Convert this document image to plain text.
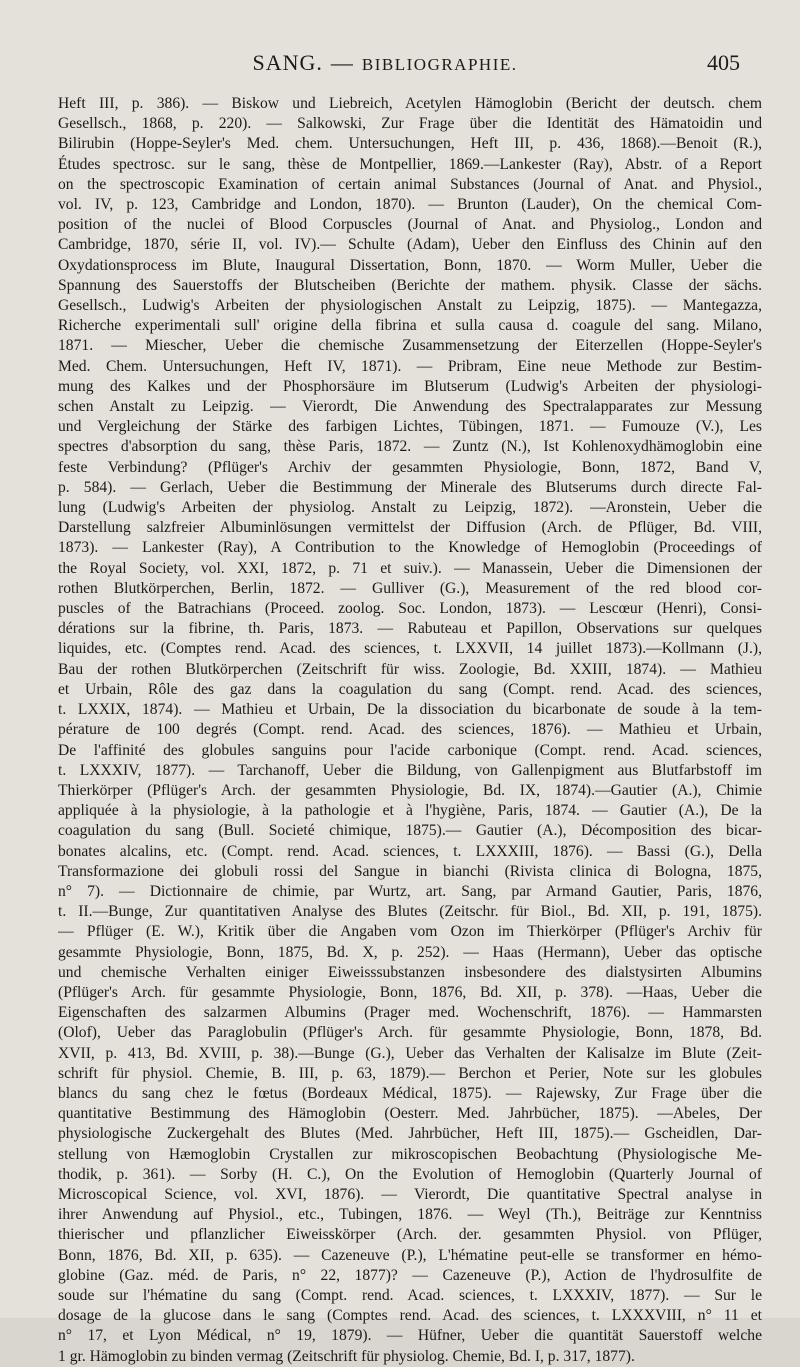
SANG. — BIBLIOGRAPHIE.	405
Heft III, p. 386). — Biskow und Liebreich, Acetylen Hämoglobin (Bericht der deutsch. chem
Gesellsch., 1868, p. 220). — Salkowski, Zur Frage über die Identität des Hämatoidin und
Bilirubin (Hoppe-Seyler's Med. chem. Untersuchungen, Heft III, p. 436, 1868).—Benoit (R.),
Études spectrosc. sur le sang, thèse de Montpellier, 1869.—Lankester (Ray), Abstr. of a Report
on the spectroscopic Examination of certain animal Substances (Journal of Anat. and Physiol.,
vol. IV, p. 123, Cambridge and London, 1870). — Brunton (Lauder), On the chemical Com-
position of the nuclei of Blood Corpuscles (Journal of Anat. and Physiolog., London and
Cambridge, 1870, série II, vol. IV).— Schulte (Adam), Ueber den Einfluss des Chinin auf den
Oxydationsprocess im Blute, Inaugural Dissertation, Bonn, 1870. — Worm Muller, Ueber die
Spannung des Sauerstoffs der Blutscheiben (Berichte der mathem. physik. Classe der sächs.
Gesellsch., Ludwig's Arbeiten der physiologischen Anstalt zu Leipzig, 1875). — Mantegazza,
Richerche experimentali sull' origine della fibrina et sulla causa d. coagule del sang. Milano,
1871. — Miescher, Ueber die chemische Zusammensetzung der Eiterzellen (Hoppe-Seyler's
Med. Chem. Untersuchungen, Heft IV, 1871). — Pribram, Eine neue Methode zur Bestim-
mung des Kalkes und der Phosphorsäure im Blutserum (Ludwig's Arbeiten der physiologi-
schen Anstalt zu Leipzig. — Vierordt, Die Anwendung des Spectralapparates zur Messung
und Vergleichung der Stärke des farbigen Lichtes, Tübingen, 1871. — Fumouze (V.), Les
spectres d'absorption du sang, thèse Paris, 1872. — Zuntz (N.), Ist Kohlenoxydhämoglobin eine
feste Verbindung? (Pflüger's Archiv der gesammten Physiologie, Bonn, 1872, Band V,
p. 584). — Gerlach, Ueber die Bestimmung der Minerale des Blutserums durch directe Fal-
lung (Ludwig's Arbeiten der physiolog. Anstalt zu Leipzig, 1872). —Aronstein, Ueber die
Darstellung salzfreier Albuminlösungen vermittelst der Diffusion (Arch. de Pflüger, Bd. VIII,
1873). — Lankester (Ray), A Contribution to the Knowledge of Hemoglobin (Proceedings of
the Royal Society, vol. XXI, 1872, p. 71 et suiv.). — Manassein, Ueber die Dimensionen der
rothen Blutkörperchen, Berlin, 1872. — Gulliver (G.), Measurement of the red blood cor-
puscles of the Batrachians (Proceed. zoolog. Soc. London, 1873). — Lescœur (Henri), Consi-
dérations sur la fibrine, th. Paris, 1873. — Rabuteau et Papillon, Observations sur quelques
liquides, etc. (Comptes rend. Acad. des sciences, t. LXXVII, 14 juillet 1873).—Kollmann (J.),
Bau der rothen Blutkörperchen (Zeitschrift für wiss. Zoologie, Bd. XXIII, 1874). — Mathieu
et Urbain, Rôle des gaz dans la coagulation du sang (Compt. rend. Acad. des sciences,
t. LXXIX, 1874). — Mathieu et Urbain, De la dissociation du bicarbonate de soude à la tem-
pérature de 100 degrés (Compt. rend. Acad. des sciences, 1876). — Mathieu et Urbain,
De l'affinité des globules sanguins pour l'acide carbonique (Compt. rend. Acad. sciences,
t. LXXXIV, 1877). — Tarchanoff, Ueber die Bildung, von Gallenpigment aus Blutfarbstoff im
Thierkörper (Pflüger's Arch. der gesammten Physiologie, Bd. IX, 1874).—Gautier (A.), Chimie
appliquée à la physiologie, à la pathologie et à l'hygiène, Paris, 1874. — Gautier (A.), De la
coagulation du sang (Bull. Societé chimique, 1875).— Gautier (A.), Décomposition des bicar-
bonates alcalins, etc. (Compt. rend. Acad. sciences, t. LXXXIII, 1876). — Bassi (G.), Della
Transformazione dei globuli rossi del Sangue in bianchi (Rivista clinica di Bologna, 1875,
n° 7). — Dictionnaire de chimie, par Wurtz, art. Sang, par Armand Gautier, Paris, 1876,
t. II.—Bunge, Zur quantitativen Analyse des Blutes (Zeitschr. für Biol., Bd. XII, p. 191, 1875).
— Pflüger (E. W.), Kritik über die Angaben vom Ozon im Thierkörper (Pflüger's Archiv für
gesammte Physiologie, Bonn, 1875, Bd. X, p. 252). — Haas (Hermann), Ueber das optische
und chemische Verhalten einiger Eiweisssubstanzen insbesondere des dialstysirten Albumins
(Pflüger's Arch. für gesammte Physiologie, Bonn, 1876, Bd. XII, p. 378). —Haas, Ueber die
Eigenschaften des salzarmen Albumins (Prager med. Wochenschrift, 1876). — Hammarsten
(Olof), Ueber das Paraglobulin (Pflüger's Arch. für gesammte Physiologie, Bonn, 1878, Bd.
XVII, p. 413, Bd. XVIII, p. 38).—Bunge (G.), Ueber das Verhalten der Kalisalze im Blute (Zeit-
schrift für physiol. Chemie, B. III, p. 63, 1879).— Berchon et Perier, Note sur les globules
blancs du sang chez le fœtus (Bordeaux Médical, 1875). — Rajewsky, Zur Frage über die
quantitative Bestimmung des Hämoglobin (Oesterr. Med. Jahrbücher, 1875). —Abeles, Der
physiologische Zuckergehalt des Blutes (Med. Jahrbücher, Heft III, 1875).— Gscheidlen, Dar-
stellung von Hæmoglobin Crystallen zur mikroscopischen Beobachtung (Physiologische Me-
thodik, p. 361). — Sorby (H. C.), On the Evolution of Hemoglobin (Quarterly Journal of
Microscopical Science, vol. XVI, 1876). — Vierordt, Die quantitative Spectral analyse in
ihrer Anwendung auf Physiol., etc., Tubingen, 1876. — Weyl (Th.), Beiträge zur Kenntniss
thierischer und pflanzlicher Eiweisskörper (Arch. der. gesammten Physiol. von Pflüger,
Bonn, 1876, Bd. XII, p. 635). — Cazeneuve (P.), L'hématine peut-elle se transformer en hémo-
globine (Gaz. méd. de Paris, n° 22, 1877)? — Cazeneuve (P.), Action de l'hydrosulfite de
soude sur l'hématine du sang (Compt. rend. Acad. sciences, t. LXXXIV, 1877). — Sur le
dosage de la glucose dans le sang (Comptes rend. Acad. des sciences, t. LXXXVIII, n° 11 et
n° 17, et Lyon Médical, n° 19, 1879). — Hüfner, Ueber die quantität Sauerstoff welche
1 gr. Hämoglobin zu binden vermag (Zeitschrift für physiolog. Chemie, Bd. I, p. 317, 1877).
